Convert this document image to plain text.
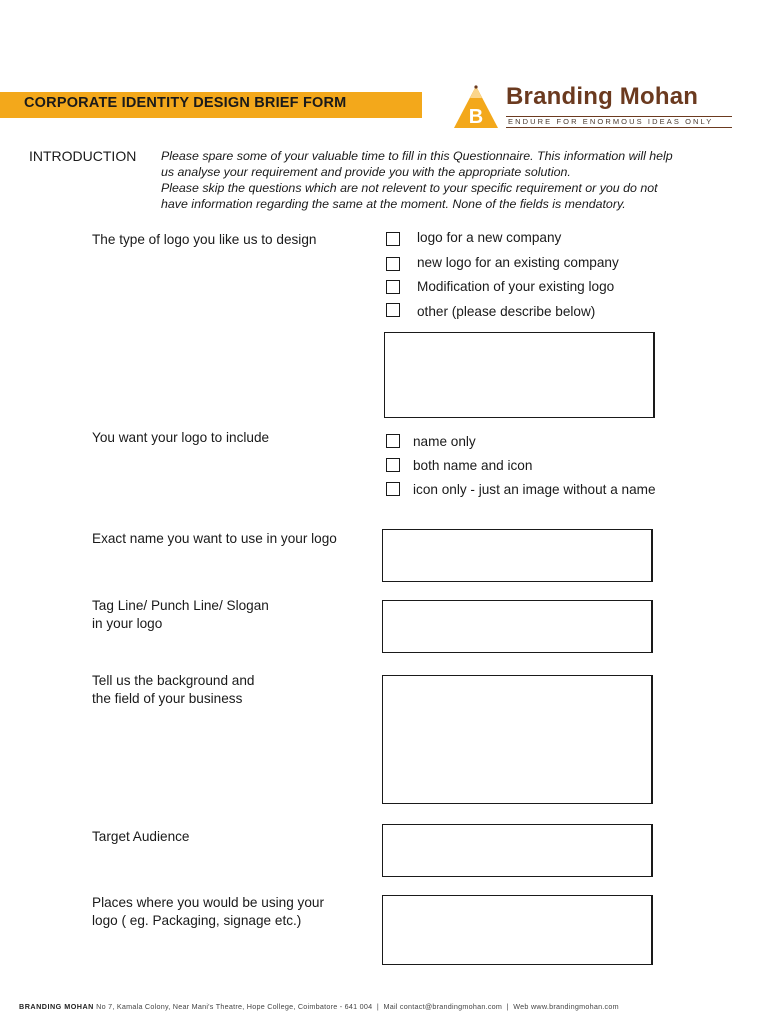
CORPORATE IDENTITY DESIGN BRIEF FORM
B
Branding Mohan
ENDURE FOR ENORMOUS IDEAS ONLY
INTRODUCTION Please spare some of your valuable time to fill in this Questionnaire. This information will help
us analyse your requirement and provide you with the appropriate solution.
Please skip the questions which are not relevent to your specific requirement or you do not
have information regarding the same at the moment. None of the fields is mendatory.
The type of logo you like us to design	logo for a new company
new logo for an existing company
Modification of your existing logo
other (please describe below)
You want your logo to include	name only
both name and icon
icon only - just an image without a name
Exact name you want to use in your logo
Tag Line/ Punch Line/ Slogan
in your logo
Tell us the background and
the field of your business
Target Audience
Places where you would be using your
logo ( eg. Packaging, signage etc.)
BRANDING MOHAN No 7, Kamala Colony, Near Mani's Theatre, Hope College, Coimbatore - 641 004  |  Mail contact@brandingmohan.com  |  Web www.brandingmohan.com
